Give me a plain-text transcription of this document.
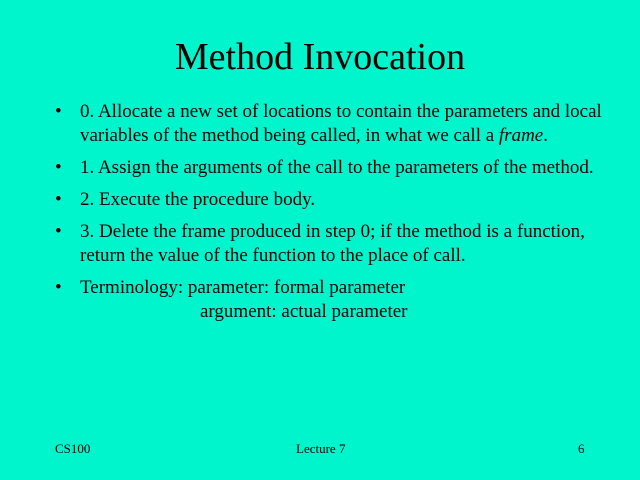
Method Invocation
• 0. Allocate a new set of locations to contain the parameters and local variables of the method being called, in what we call a frame.
• 1. Assign the arguments of the call to the parameters of the method.
• 2. Execute the procedure body.
• 3. Delete the frame produced in step 0; if the method is a function, return the value of the function to the place of call.
• Terminology: parameter: formal parameter
argument: actual parameter
CS100	Lecture 7	6
